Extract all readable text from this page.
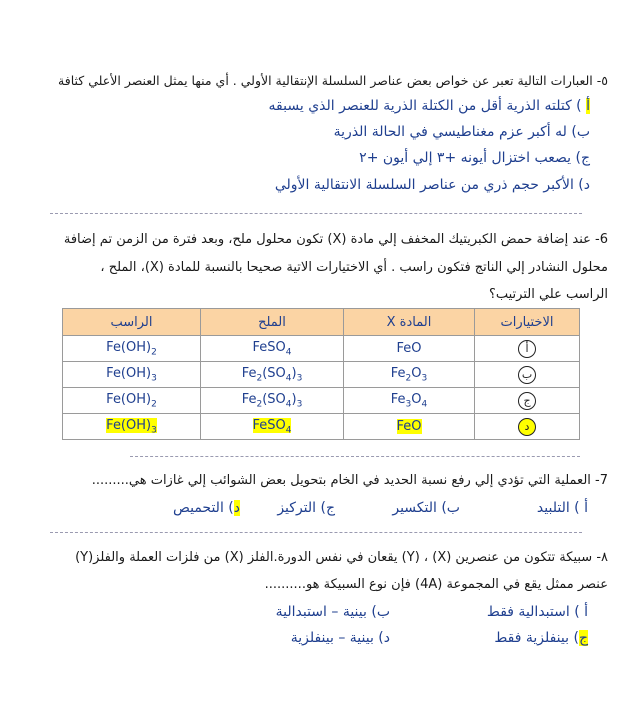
٥- العبارات التالية تعبر عن خواص بعض عناصر السلسلة الإنتقالية الأولي . أي منها يمثل العنصر الأعلي كثافة
أ ) كتلته الذرية أقل من الكتلة الذرية للعنصر الذي يسبقه
ب) له أكبر عزم مغناطيسي في الحالة الذرية
ج) يصعب اختزال أيونه +٣ إلي أيون +٢
د) الأكبر حجم ذري من عناصر السلسلة الانتقالية الأولي
6- عند إضافة حمض الكبريتيك المخفف إلي مادة (X) تكون محلول ملح، وبعد فترة من الزمن تم إضافة
محلول النشادر إلي الناتج فتكون راسب . أي الاختيارات الاتية صحيحا بالنسبة للمادة (X)، الملح ،
الراسب علي الترتيب؟
الاختيارات	المادة X	الملح	الراسب
أ	FeO	FeSO$_4$	$Fe(OH)_2$
ب	$Fe_2O_3$	$Fe_2(SO_4)_3$	$Fe(OH)_3$
ج	$Fe_3O_4$	$Fe_2(SO_4)_3$	$Fe(OH)_2$
د	FeO	FeSO$_4$	$Fe(OH)_3$
7- العملية التي تؤدي إلي رفع نسبة الحديد في الخام بتحويل بعض الشوائب إلي غازات هي.........
أ ) التلبيد
ب) التكسير
ج) التركيز
د) التحميص
٨- سبيكة تتكون من عنصرين (X) ، (Y) يقعان في نفس الدورة.الفلز (X) من فلزات العملة والفلز(Y)
عنصر ممثل يقع في المجموعة (4A) فإن نوع السبيكة هو..........
أ ) استبدالية فقط
ب) بينية – استبدالية
ج) بينفلزية فقط
د) بينية – بينفلزية
